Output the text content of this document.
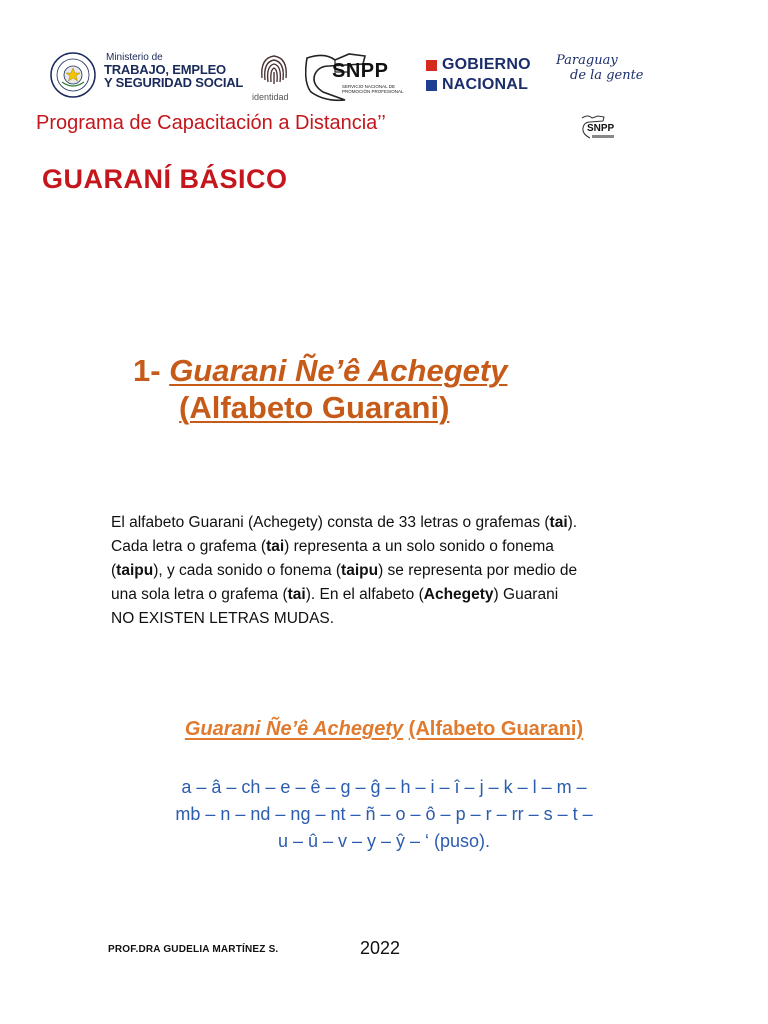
Ministerio de
TRABAJO, EMPLEO
Y SEGURIDAD SOCIAL
identidad
SNPP
SERVICIO NACIONAL DE
PROMOCIÓN PROFESIONAL
GOBIERNO
NACIONAL
Paraguay
de la gente
Programa de Capacitación a Distancia’’	SNPP
GUARANÍ BÁSICO
1- Guarani Ñe’ê Achegety
(Alfabeto Guarani)
El alfabeto Guarani (Achegety) consta de 33 letras o grafemas (tai).
Cada letra o grafema (tai) representa a un solo sonido o fonema
(taipu), y cada sonido o fonema (taipu) se representa por medio de
una sola letra o grafema (tai). En el alfabeto (Achegety) Guarani
NO EXISTEN LETRAS MUDAS.
Guarani Ñe’ê Achegety (Alfabeto Guarani)
a – â – ch – e – ê – g – ĝ – h – i – î – j – k – l – m –
mb – n – nd – ng – nt – ñ – o – ô – p – r – rr – s – t –
u – û – v – y – ŷ – ‘ (puso).
PROF.DRA GUDELIA MARTÍNEZ S.	2022
